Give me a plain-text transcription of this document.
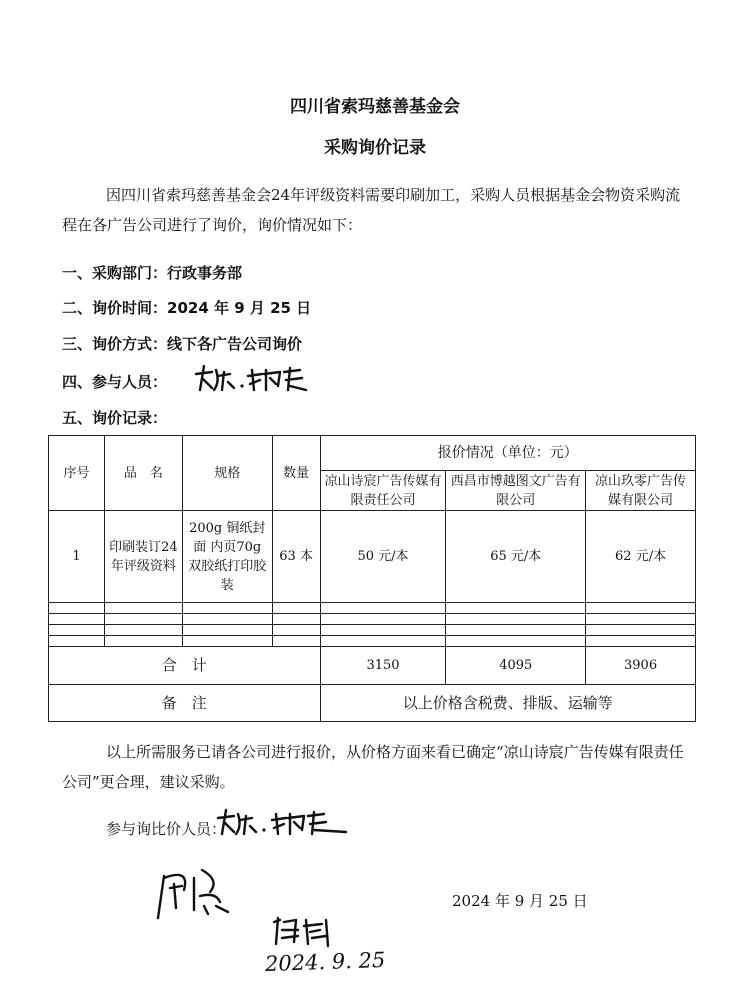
四川省索玛慈善基金会
采购询价记录
因四川省索玛慈善基金会24年评级资料需要印刷加工，采购人员根据基金会物资采购流程在各广告公司进行了询价，询价情况如下：
一、采购部门：行政事务部
二、询价时间：2024 年 9 月 25 日
三、询价方式：线下各广告公司询价
四、参与人员：
五、询价记录：
序号	品　名	规格	数量	报价情况（单位：元）		
				凉山诗宸广告传媒有限责任公司	西昌市博越图文广告有限公司	凉山玖零广告传媒有限公司
1	印刷装订24年评级资料	200g 铜纸封面 内页70g 双胶纸打印胶装	63 本	50 元/本	65 元/本	62 元/本

合　计				3150	4095	3906
备　注				以上价格含税费、排版、运输等		
以上所需服务已请各公司进行报价，从价格方面来看已确定“凉山诗宸广告传媒有限责任公司”更合理，建议采购。
参与询比价人员：
2024. 9. 25
2024 年 9 月 25 日
